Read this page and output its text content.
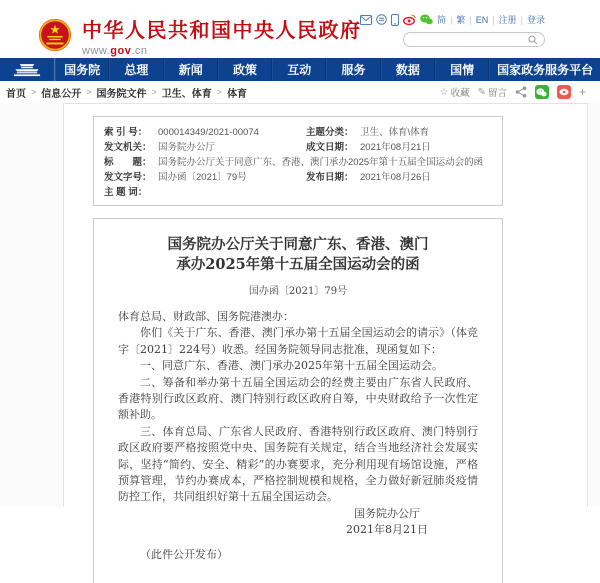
中华人民共和国中央人民政府
www.gov.cn
简 | 繁 | EN | 注册 | 登录
国务院	总理	新闻	政策	互动	服务	数据	国情	国家政务服务平台
首页 > 信息公开 > 国务院文件 > 卫生、体育 > 体育	☆ 收藏 ✎ 留言	+
索 引 号：	000014349/2021-00074	主题分类： 卫生、体育\体育
发文机关： 国务院办公厅	成文日期： 2021年08月21日
标　　题： 国务院办公厅关于同意广东、香港、澳门承办2025年第十五届全国运动会的函
发文字号： 国办函〔2021〕79号	发布日期： 2021年08月26日
主 题 词：
国务院办公厅关于同意广东、香港、澳门
承办2025年第十五届全国运动会的函
国办函〔2021〕79号
体育总局、财政部、国务院港澳办：
你们《关于广东、香港、澳门承办第十五届全国运动会的请示》（体竞字〔2021〕224号）收悉。经国务院领导同志批准，现函复如下：
一、同意广东、香港、澳门承办2025年第十五届全国运动会。
二、筹备和举办第十五届全国运动会的经费主要由广东省人民政府、香港特别行政区政府、澳门特别行政区政府自筹，中央财政给予一次性定额补助。
三、体育总局、广东省人民政府、香港特别行政区政府、澳门特别行政区政府要严格按照党中央、国务院有关规定，结合当地经济社会发展实际，坚持“简约、安全、精彩”的办赛要求，充分利用现有场馆设施，严格预算管理，节约办赛成本，严格控制规模和规格，全力做好新冠肺炎疫情防控工作，共同组织好第十五届全国运动会。
国务院办公厅
2021年8月21日
（此件公开发布）
